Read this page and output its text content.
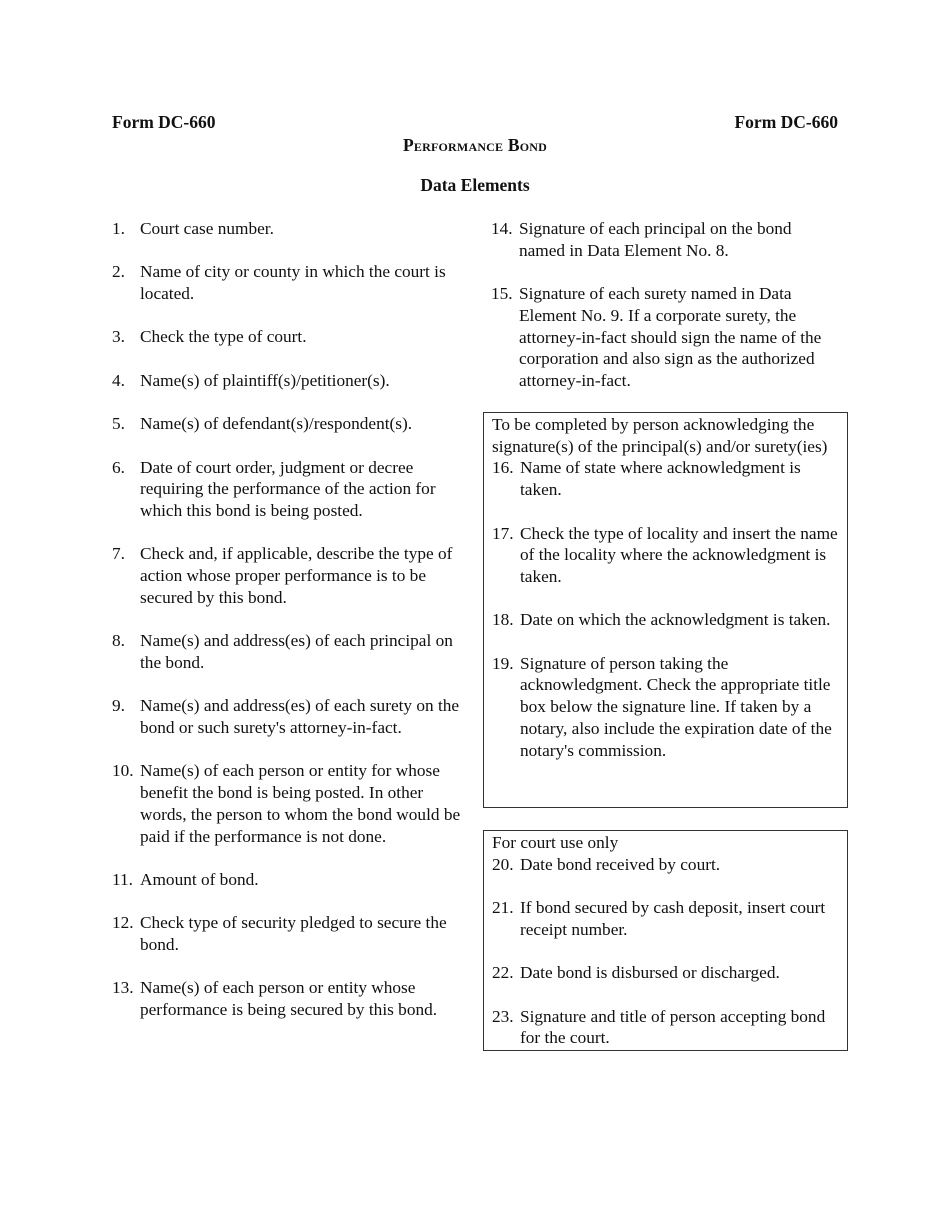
Form DC-660	Form DC-660
Performance Bond
Data Elements
1. Court case number.
2. Name of city or county in which the court is located.
3. Check the type of court.
4. Name(s) of plaintiff(s)/petitioner(s).
5. Name(s) of defendant(s)/respondent(s).
6. Date of court order, judgment or decree requiring the performance of the action for which this bond is being posted.
7. Check and, if applicable, describe the type of action whose proper performance is to be secured by this bond.
8. Name(s) and address(es) of each principal on the bond.
9. Name(s) and address(es) of each surety on the bond or such surety's attorney-in-fact.
10. Name(s) of each person or entity for whose benefit the bond is being posted. In other words, the person to whom the bond would be paid if the performance is not done.
11. Amount of bond.
12. Check type of security pledged to secure the bond.
13. Name(s) of each person or entity whose performance is being secured by this bond.
14. Signature of each principal on the bond named in Data Element No. 8.
15. Signature of each surety named in Data Element No. 9. If a corporate surety, the attorney-in-fact should sign the name of the corporation and also sign as the authorized attorney-in-fact.
To be completed by person acknowledging the signature(s) of the principal(s) and/or surety(ies)
16. Name of state where acknowledgment is taken.
17. Check the type of locality and insert the name of the locality where the acknowledgment is taken.
18. Date on which the acknowledgment is taken.
19. Signature of person taking the acknowledgment. Check the appropriate title box below the signature line. If taken by a notary, also include the expiration date of the notary's commission.
For court use only
20. Date bond received by court.
21. If bond secured by cash deposit, insert court receipt number.
22. Date bond is disbursed or discharged.
23. Signature and title of person accepting bond for the court.
